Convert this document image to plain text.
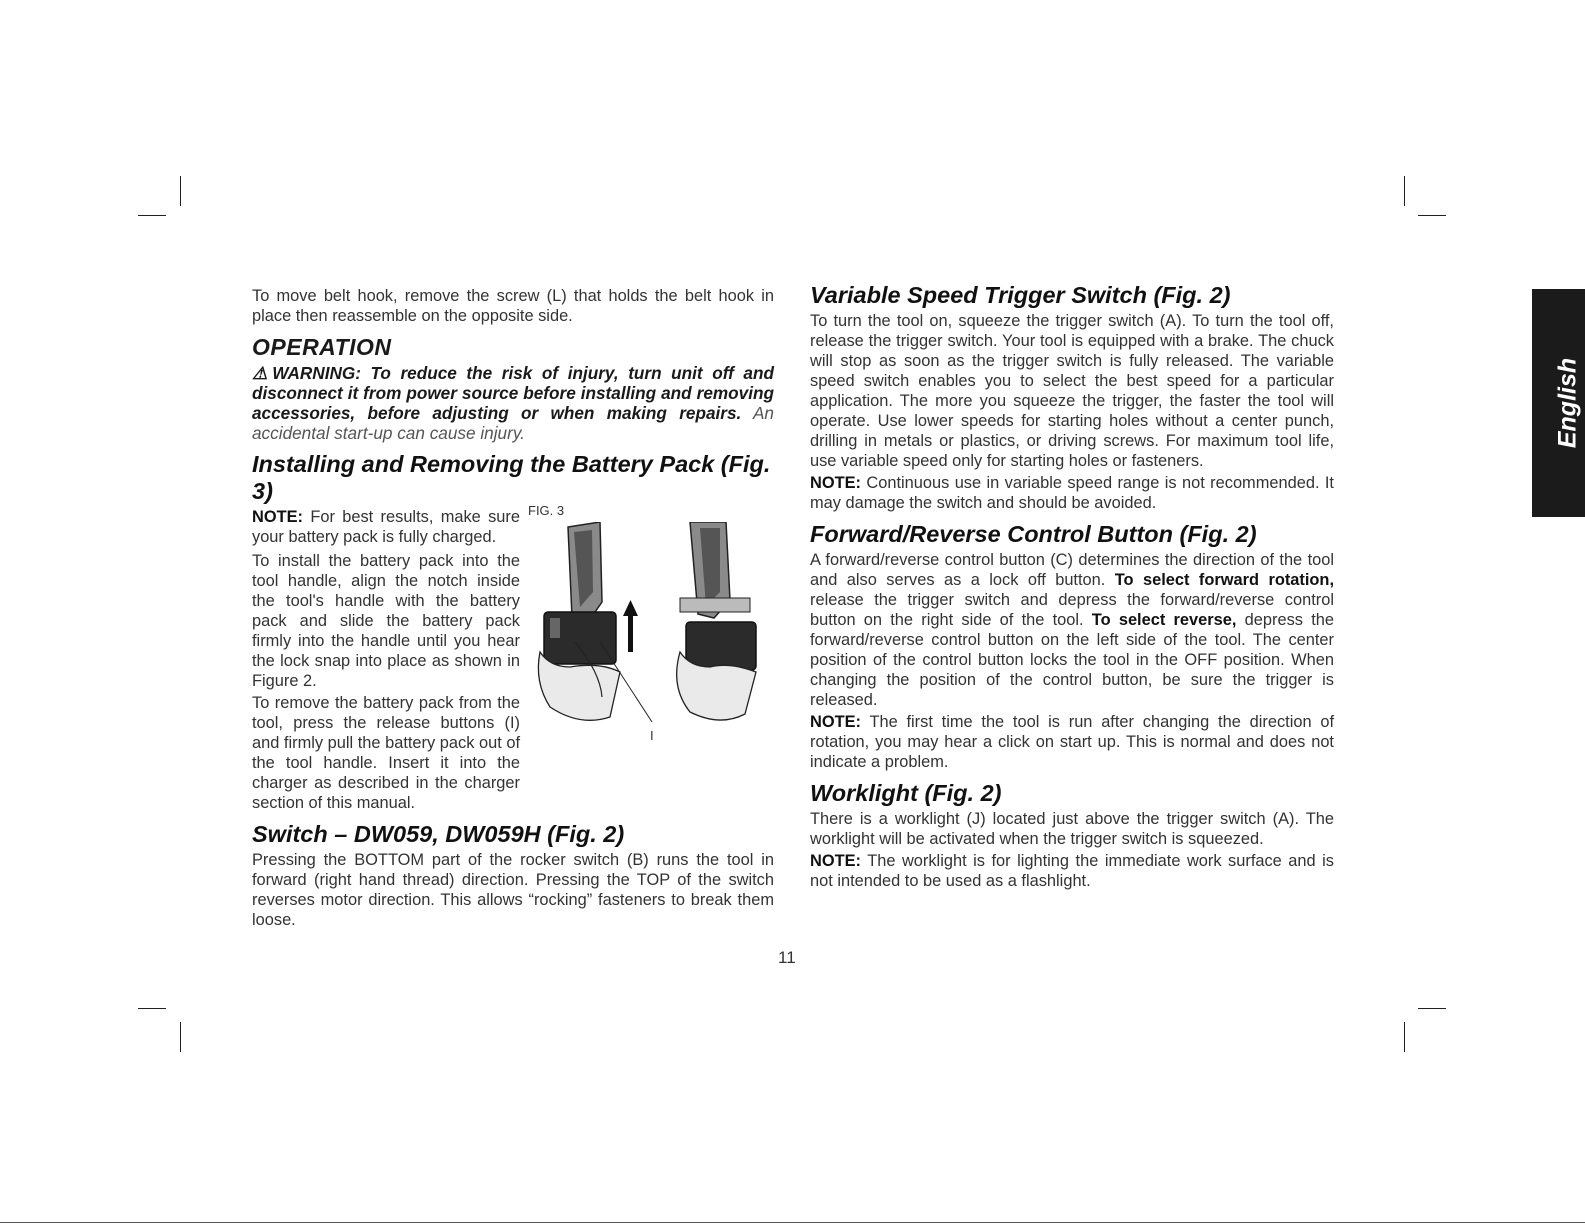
To move belt hook, remove the screw (L) that holds the belt hook in place then reassemble on the opposite side.

OPERATION

⚠WARNING: To reduce the risk of injury, turn unit off and disconnect it from power source before installing and removing accessories, before adjusting or when making repairs. An accidental start-up can cause injury.

Installing and Removing the Battery Pack (Fig. 3)

NOTE: For best results, make sure your battery pack is fully charged.

To install the battery pack into the tool handle, align the notch inside the tool's handle with the battery pack and slide the battery pack firmly into the handle until you hear the lock snap into place as shown in Figure 2.

To remove the battery pack from the tool, press the release buttons (I) and firmly pull the battery pack out of the tool handle. Insert it into the charger as described in the charger section of this manual.

Switch – DW059, DW059H (Fig. 2)

Pressing the BOTTOM part of the rocker switch (B) runs the tool in forward (right hand thread) direction. Pressing the TOP of the switch reverses motor direction. This allows “rocking” fasteners to break them loose.

FIG. 3
I
Variable Speed Trigger Switch (Fig. 2)

To turn the tool on, squeeze the trigger switch (A). To turn the tool off, release the trigger switch. Your tool is equipped with a brake. The chuck will stop as soon as the trigger switch is fully released. The variable speed switch enables you to select the best speed for a particular application. The more you squeeze the trigger, the faster the tool will operate. Use lower speeds for starting holes without a center punch, drilling in metals or plastics, or driving screws. For maximum tool life, use variable speed only for starting holes or fasteners.

NOTE: Continuous use in variable speed range is not recommended. It may damage the switch and should be avoided.

Forward/Reverse Control Button (Fig. 2)

A forward/reverse control button (C) determines the direction of the tool and also serves as a lock off button. To select forward rotation, release the trigger switch and depress the forward/reverse control button on the right side of the tool. To select reverse, depress the forward/reverse control button on the left side of the tool. The center position of the control button locks the tool in the OFF position. When changing the position of the control button, be sure the trigger is released.

NOTE: The first time the tool is run after changing the direction of rotation, you may hear a click on start up. This is normal and does not indicate a problem.

Worklight (Fig. 2)

There is a worklight (J) located just above the trigger switch (A). The worklight will be activated when the trigger switch is squeezed.

NOTE: The worklight is for lighting the immediate work surface and is not intended to be used as a flashlight.

English
11
